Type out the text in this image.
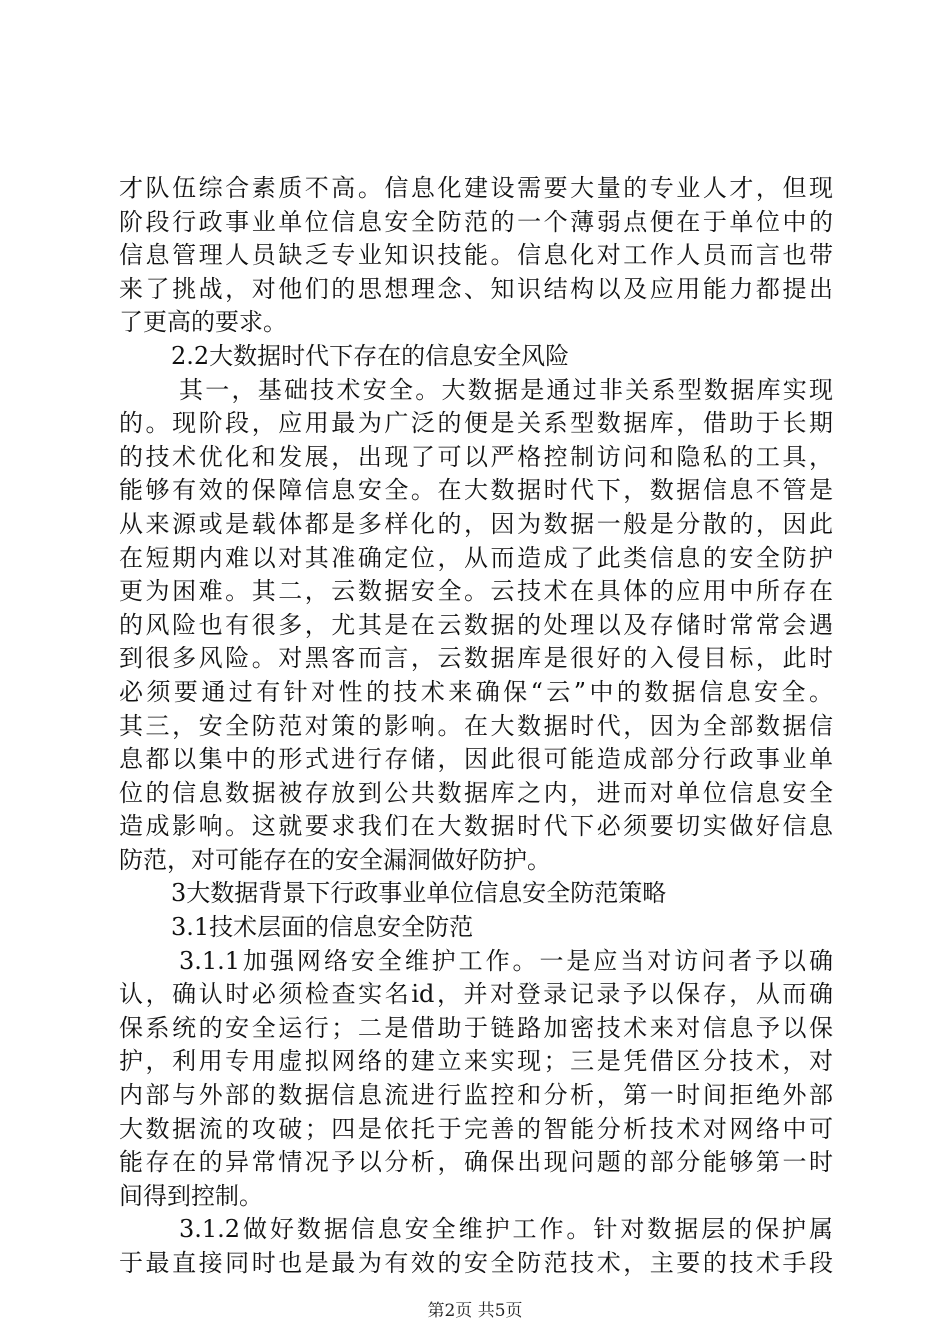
才队伍综合素质不高。信息化建设需要大量的专业人才，但现
阶段行政事业单位信息安全防范的一个薄弱点便在于单位中的
信息管理人员缺乏专业知识技能。信息化对工作人员而言也带
来了挑战，对他们的思想理念、知识结构以及应用能力都提出
了更高的要求。
2.2大数据时代下存在的信息安全风险
其一，基础技术安全。大数据是通过非关系型数据库实现
的。现阶段，应用最为广泛的便是关系型数据库，借助于长期
的技术优化和发展，出现了可以严格控制访问和隐私的工具，
能够有效的保障信息安全。在大数据时代下，数据信息不管是
从来源或是载体都是多样化的，因为数据一般是分散的，因此
在短期内难以对其准确定位，从而造成了此类信息的安全防护
更为困难。其二，云数据安全。云技术在具体的应用中所存在
的风险也有很多，尤其是在云数据的处理以及存储时常常会遇
到很多风险。对黑客而言，云数据库是很好的入侵目标，此时
必须要通过有针对性的技术来确保“云”中的数据信息安全。
其三，安全防范对策的影响。在大数据时代，因为全部数据信
息都以集中的形式进行存储，因此很可能造成部分行政事业单
位的信息数据被存放到公共数据库之内，进而对单位信息安全
造成影响。这就要求我们在大数据时代下必须要切实做好信息
防范，对可能存在的安全漏洞做好防护。
3大数据背景下行政事业单位信息安全防范策略
3.1技术层面的信息安全防范
3.1.1加强网络安全维护工作。一是应当对访问者予以确
认，确认时必须检查实名id，并对登录记录予以保存，从而确
保系统的安全运行；二是借助于链路加密技术来对信息予以保
护，利用专用虚拟网络的建立来实现；三是凭借区分技术，对
内部与外部的数据信息流进行监控和分析，第一时间拒绝外部
大数据流的攻破；四是依托于完善的智能分析技术对网络中可
能存在的异常情况予以分析，确保出现问题的部分能够第一时
间得到控制。
3.1.2做好数据信息安全维护工作。针对数据层的保护属
于最直接同时也是最为有效的安全防范技术，主要的技术手段
第2页 共5页
